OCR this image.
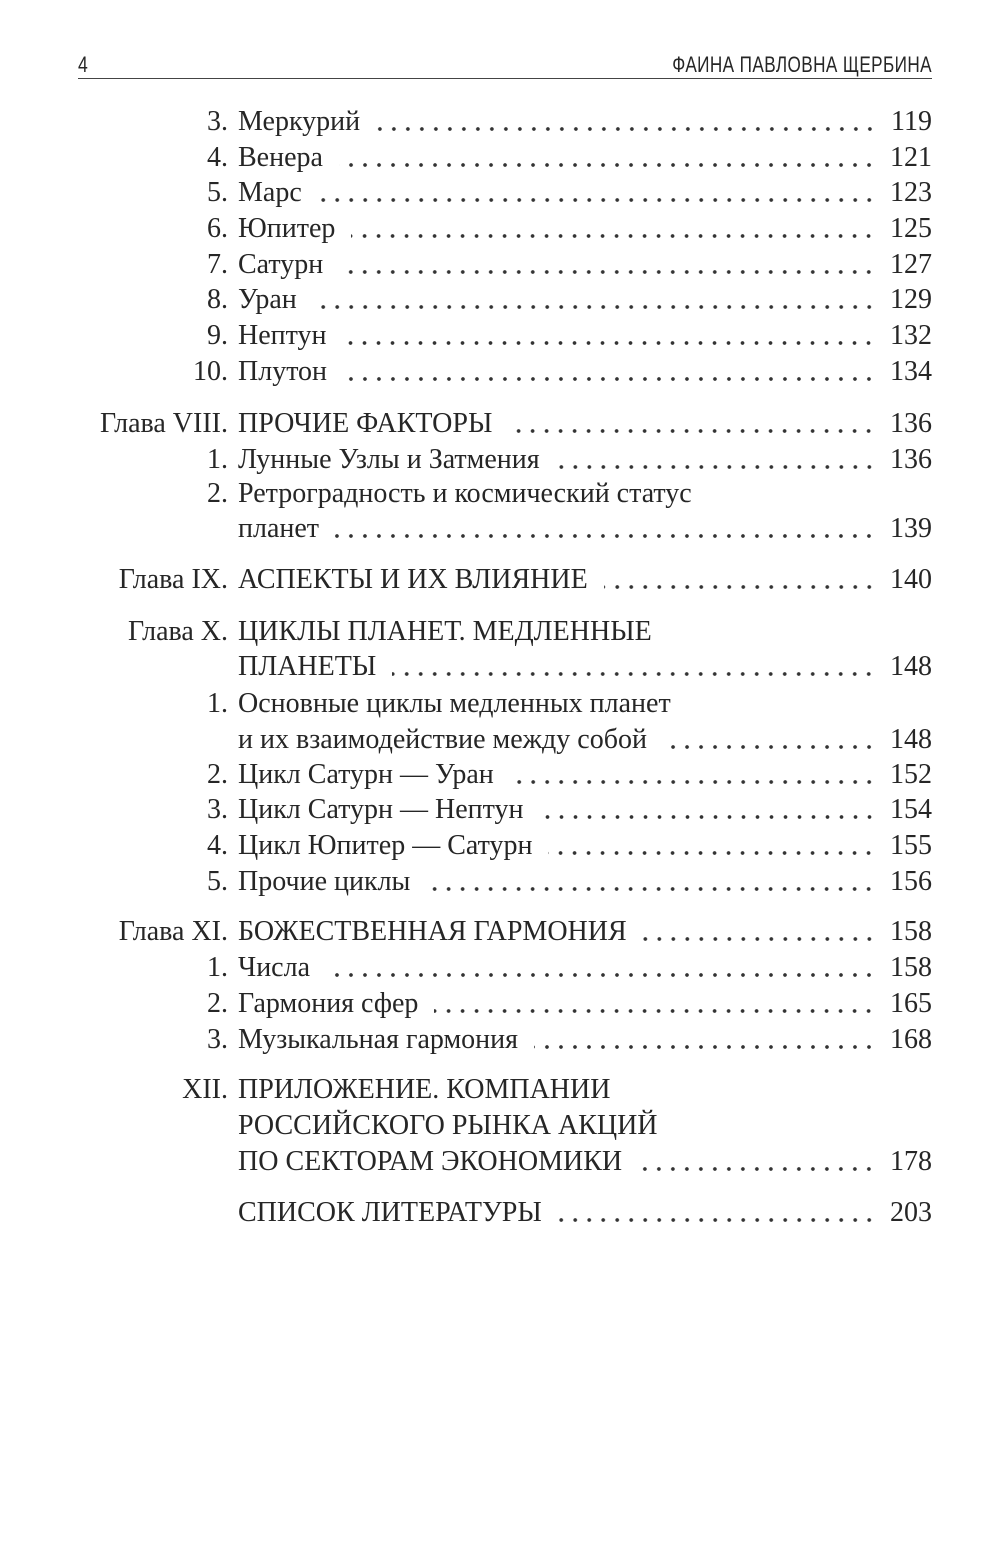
4	ФАИНА ПАВЛОВНА ЩЕРБИНА
3. Меркурий	119
4. Венера	121
5. Марс	123
6. Юпитер	125
7. Сатурн	127
8. Уран	129
9. Нептун	132
10. Плутон	134
Глава VIII. ПРОЧИЕ ФАКТОРЫ	136
1. Лунные Узлы и Затмения	136
2. Ретроградность и космический статус
планет	139
Глава IX. АСПЕКТЫ И ИХ ВЛИЯНИЕ	140
Глава X. ЦИКЛЫ ПЛАНЕТ. МЕДЛЕННЫЕ
ПЛАНЕТЫ	148
1. Основные циклы медленных планет
и их взаимодействие между собой	148
2. Цикл Сатурн — Уран	152
3. Цикл Сатурн — Нептун	154
4. Цикл Юпитер — Сатурн	155
5. Прочие циклы	156
Глава XI. БОЖЕСТВЕННАЯ ГАРМОНИЯ	158
1. Числа	158
2. Гармония сфер	165
3. Музыкальная гармония	168
XII. ПРИЛОЖЕНИЕ. КОМПАНИИ
РОССИЙСКОГО РЫНКА АКЦИЙ
ПО СЕКТОРАМ ЭКОНОМИКИ	178
СПИСОК ЛИТЕРАТУРЫ	203
